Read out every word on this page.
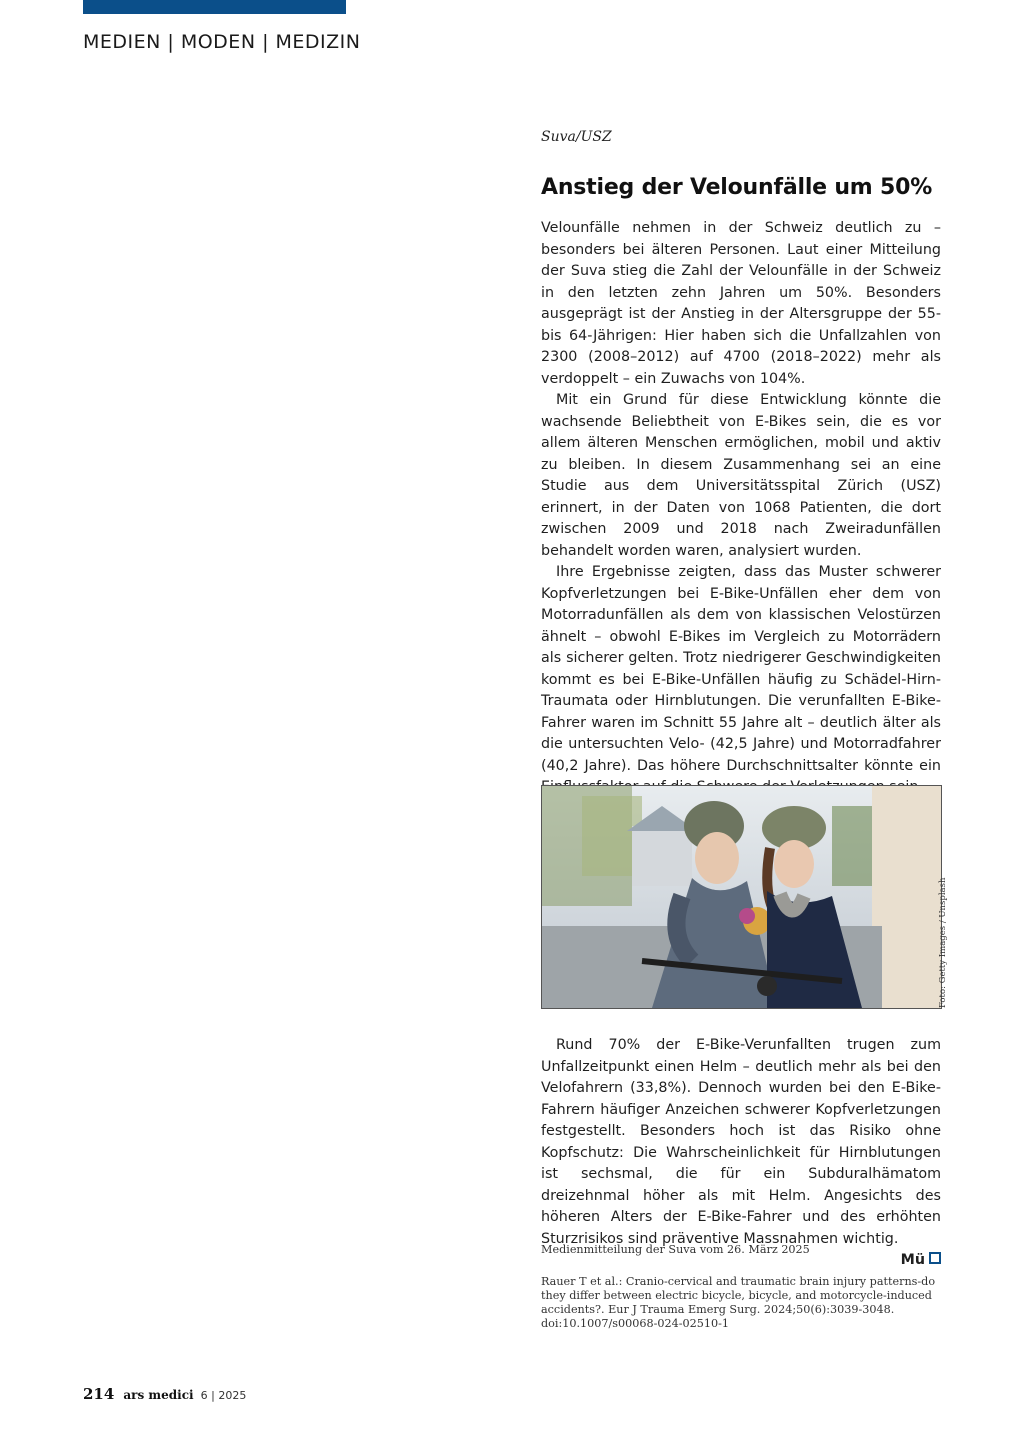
MEDIEN | MODEN | MEDIZIN
Suva/USZ
Anstieg der Velounfälle um 50%

Velounfälle nehmen in der Schweiz deutlich zu – besonders bei älteren Personen. Laut einer Mitteilung der Suva stieg die Zahl der Velounfälle in der Schweiz in den letzten zehn Jahren um 50%. Besonders ausgeprägt ist der Anstieg in der Altersgruppe der 55- bis 64-Jährigen: Hier haben sich die Unfallzahlen von 2300 (2008–2012) auf 4700 (2018–2022) mehr als verdoppelt – ein Zuwachs von 104%.

Mit ein Grund für diese Entwicklung könnte die wachsende Beliebtheit von E-Bikes sein, die es vor allem älteren Menschen ermöglichen, mobil und aktiv zu bleiben. In diesem Zusammenhang sei an eine Studie aus dem Universitätsspital Zürich (USZ) erinnert, in der Daten von 1068 Patienten, die dort zwischen 2009 und 2018 nach Zweiradunfällen behandelt worden waren, analysiert wurden.

Ihre Ergebnisse zeigten, dass das Muster schwerer Kopfverletzungen bei E-Bike-Unfällen eher dem von Motorradunfällen als dem von klassischen Velostürzen ähnelt – obwohl E-Bikes im Vergleich zu Motorrädern als sicherer gelten. Trotz niedrigerer Geschwindigkeiten kommt es bei E-Bike-Unfällen häufig zu Schädel-Hirn-Traumata oder Hirnblutungen. Die verunfallten E-Bike-Fahrer waren im Schnitt 55 Jahre alt – deutlich älter als die untersuchten Velo- (42,5 Jahre) und Motorradfahrer (40,2 Jahre). Das höhere Durchschnittsalter könnte ein

Foto: Getty Images / Unsplash

Rund 70% der E-Bike-Verunfallten trugen zum Unfallzeitpunkt einen Helm – deutlich mehr als bei den Velofahrern (33,8%). Dennoch wurden bei den E-Bike-Fahrern häufiger Anzeichen schwerer Kopfverletzungen festgestellt. Besonders hoch ist das Risiko ohne Kopfschutz: Die Wahrscheinlichkeit für Hirnblutungen ist sechsmal, die für ein Subduralhämatom dreizehnmal höher als mit Helm. Angesichts des höheren Alters der E-Bike-Fahrer und des erhöhten Sturzrisikos sind präventive Massnahmen wichtig.
Mü

Medienmitteilung der Suva vom 26. März 2025
Rauer T et al.: Cranio-cervical and traumatic brain injury patterns-do they differ between electric bicycle, bicycle, and motorcycle-induced accidents?. Eur J Trauma Emerg Surg. 2024;50(6):3039-3048. doi:10.1007/s00068-024-02510-1
214 ars medici 6 | 2025
